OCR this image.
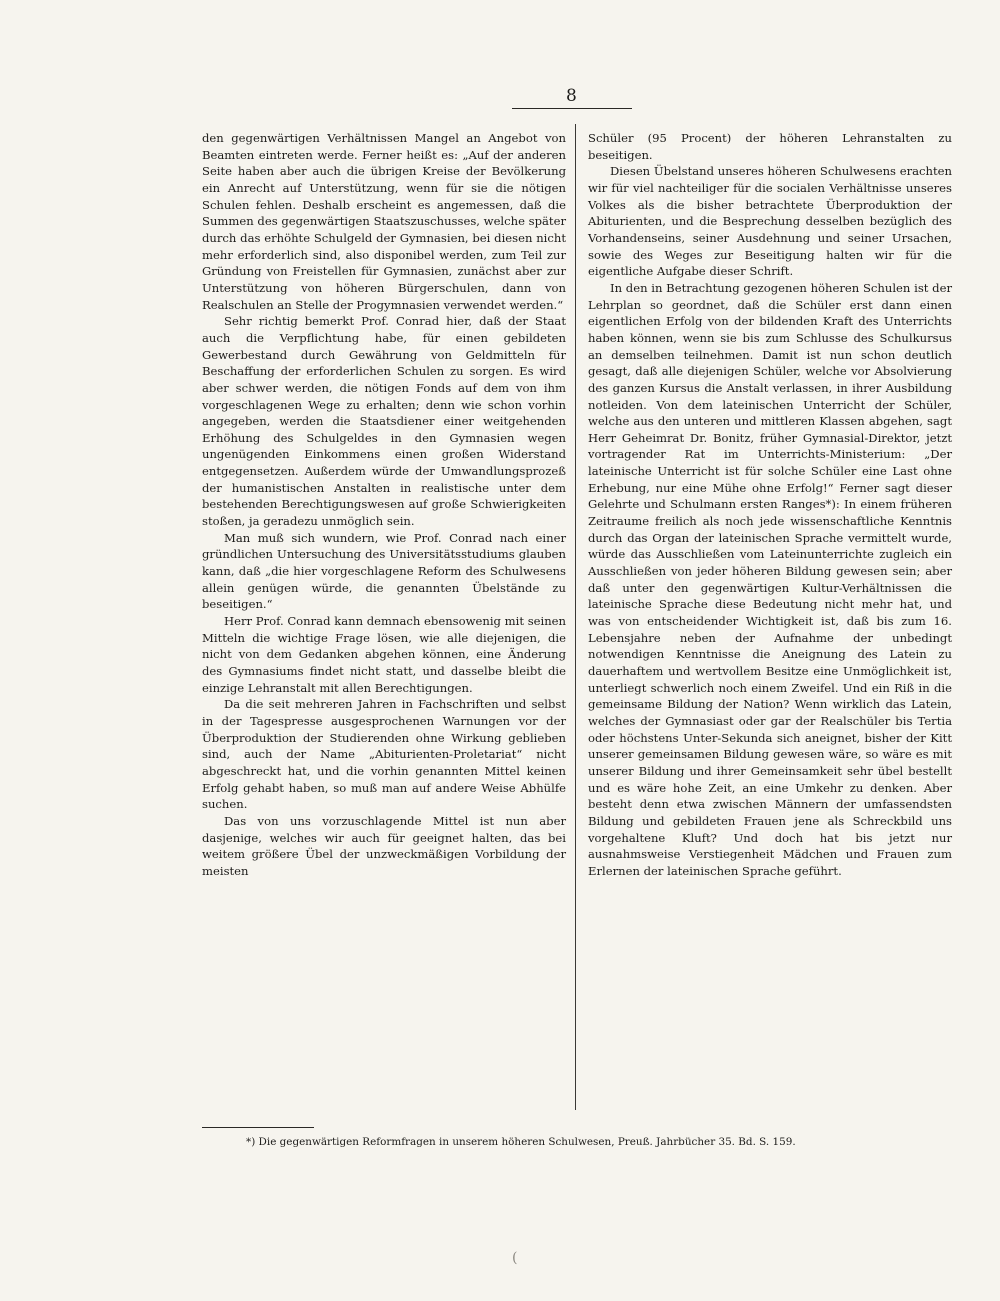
8

den gegenwärtigen Verhältnissen Mangel an Angebot von Beamten eintreten werde. Ferner heißt es: „Auf der anderen Seite haben aber auch die übrigen Kreise der Bevölkerung ein Anrecht auf Unterstützung, wenn für sie die nötigen Schulen fehlen. Deshalb erscheint es angemessen, daß die Summen des gegenwärtigen Staatszuschusses, welche später durch das erhöhte Schulgeld der Gymnasien, bei diesen nicht mehr erforderlich sind, also disponibel werden, zum Teil zur Gründung von Freistellen für Gymnasien, zunächst aber zur Unterstützung von höheren Bürgerschulen, dann von Realschulen an Stelle der Progymnasien verwendet werden.“

Sehr richtig bemerkt Prof. Conrad hier, daß der Staat auch die Verpflichtung habe, für einen gebildeten Gewerbestand durch Gewährung von Geldmitteln für Beschaffung der erforderlichen Schulen zu sorgen. Es wird aber schwer werden, die nötigen Fonds auf dem von ihm vorgeschlagenen Wege zu erhalten; denn wie schon vorhin angegeben, werden die Staatsdiener einer weitgehenden Erhöhung des Schulgeldes in den Gymnasien wegen ungenügenden Einkommens einen großen Widerstand entgegensetzen. Außerdem würde der Umwandlungsprozeß der humanistischen Anstalten in realistische unter dem bestehenden Berechtigungswesen auf große Schwierigkeiten stoßen, ja geradezu unmöglich sein.

Man muß sich wundern, wie Prof. Conrad nach einer gründlichen Untersuchung des Universitätsstudiums glauben kann, daß „die hier vorgeschlagene Reform des Schulwesens allein genügen würde, die genannten Übelstände zu beseitigen.“

Herr Prof. Conrad kann demnach ebensowenig mit seinen Mitteln die wichtige Frage lösen, wie alle diejenigen, die nicht von dem Gedanken abgehen können, eine Änderung des Gymnasiums findet nicht statt, und dasselbe bleibt die einzige Lehranstalt mit allen Berechtigungen.

Da die seit mehreren Jahren in Fachschriften und selbst in der Tagespresse ausgesprochenen Warnungen vor der Überproduktion der Studierenden ohne Wirkung geblieben sind, auch der Name „Abiturienten-Proletariat“ nicht abgeschreckt hat, und die vorhin genannten Mittel keinen Erfolg gehabt haben, so muß man auf andere Weise Abhülfe suchen.

Das von uns vorzuschlagende Mittel ist nun aber dasjenige, welches wir auch für geeignet halten, das bei weitem größere Übel der unzweckmäßigen Vorbildung der meisten

Schüler (95 Procent) der höheren Lehranstalten zu beseitigen.

Diesen Übelstand unseres höheren Schulwesens erachten wir für viel nachteiliger für die socialen Verhältnisse unseres Volkes als die bisher betrachtete Überproduktion der Abiturienten, und die Besprechung desselben bezüglich des Vorhandenseins, seiner Ausdehnung und seiner Ursachen, sowie des Weges zur Beseitigung halten wir für die eigentliche Aufgabe dieser Schrift.

In den in Betrachtung gezogenen höheren Schulen ist der Lehrplan so geordnet, daß die Schüler erst dann einen eigentlichen Erfolg von der bildenden Kraft des Unterrichts haben können, wenn sie bis zum Schlusse des Schulkursus an demselben teilnehmen. Damit ist nun schon deutlich gesagt, daß alle diejenigen Schüler, welche vor Absolvierung des ganzen Kursus die Anstalt verlassen, in ihrer Ausbildung notleiden. Von dem lateinischen Unterricht der Schüler, welche aus den unteren und mittleren Klassen abgehen, sagt Herr Geheimrat Dr. Bonitz, früher Gymnasial-Direktor, jetzt vortragender Rat im Unterrichts-Ministerium: „Der lateinische Unterricht ist für solche Schüler eine Last ohne Erhebung, nur eine Mühe ohne Erfolg!“ Ferner sagt dieser Gelehrte und Schulmann ersten Ranges*): In einem früheren Zeitraume freilich als noch jede wissenschaftliche Kenntnis durch das Organ der lateinischen Sprache vermittelt wurde, würde das Ausschließen vom Lateinunterrichte zugleich ein Ausschließen von jeder höheren Bildung gewesen sein; aber daß unter den gegenwärtigen Kultur-Verhältnissen die lateinische Sprache diese Bedeutung nicht mehr hat, und was von entscheidender Wichtigkeit ist, daß bis zum 16. Lebensjahre neben der Aufnahme der unbedingt notwendigen Kenntnisse die Aneignung des Latein zu dauerhaftem und wertvollem Besitze eine Unmöglichkeit ist, unterliegt schwerlich noch einem Zweifel. Und ein Riß in die gemeinsame Bildung der Nation? Wenn wirklich das Latein, welches der Gymnasiast oder gar der Realschüler bis Tertia oder höchstens Unter-Sekunda sich aneignet, bisher der Kitt unserer gemeinsamen Bildung gewesen wäre, so wäre es mit unserer Bildung und ihrer Gemeinsamkeit sehr übel bestellt und es wäre hohe Zeit, an eine Umkehr zu denken. Aber besteht denn etwa zwischen Männern der umfassendsten Bildung und gebildeten Frauen jene als Schreckbild uns vorgehaltene Kluft? Und doch hat bis jetzt nur ausnahmsweise Verstiegenheit Mädchen und Frauen zum Erlernen der lateinischen Sprache geführt.

*) Die gegenwärtigen Reformfragen in unserem höheren Schulwesen, Preuß. Jahrbücher 35. Bd. S. 159.
(
